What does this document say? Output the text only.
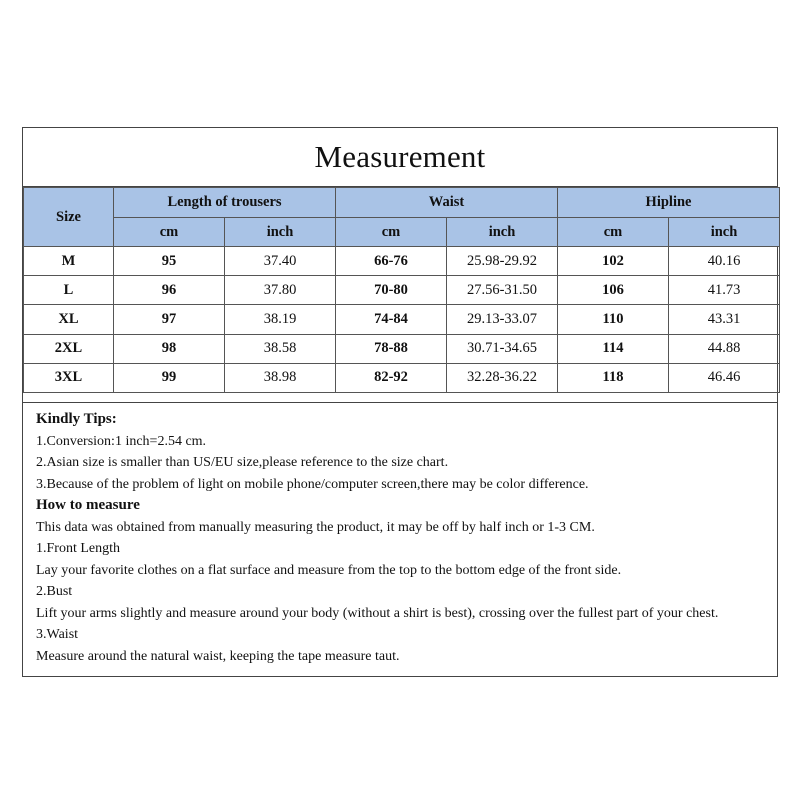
Measurement
Size	Length of trousers		Waist		Hipline	
	cm	inch	cm	inch	cm	inch
M	95	37.40	66-76	25.98-29.92	102	40.16
L	96	37.80	70-80	27.56-31.50	106	41.73
XL	97	38.19	74-84	29.13-33.07	110	43.31
2XL	98	38.58	78-88	30.71-34.65	114	44.88
3XL	99	38.98	82-92	32.28-36.22	118	46.46
Kindly Tips:
1.Conversion:1 inch=2.54 cm.
2.Asian size is smaller than US/EU size,please reference to the size chart.
3.Because of the problem of light on mobile phone/computer screen,there may be color difference.
How to measure
This data was obtained from manually measuring the product, it may be off by half inch or 1-3 CM.
1.Front Length
Lay your favorite clothes on a flat surface and measure from the top to the bottom edge of the front side.
2.Bust
Lift your arms slightly and measure around your body (without a shirt is best), crossing over the fullest part of your chest.
3.Waist
Measure around the natural waist, keeping the tape measure taut.
